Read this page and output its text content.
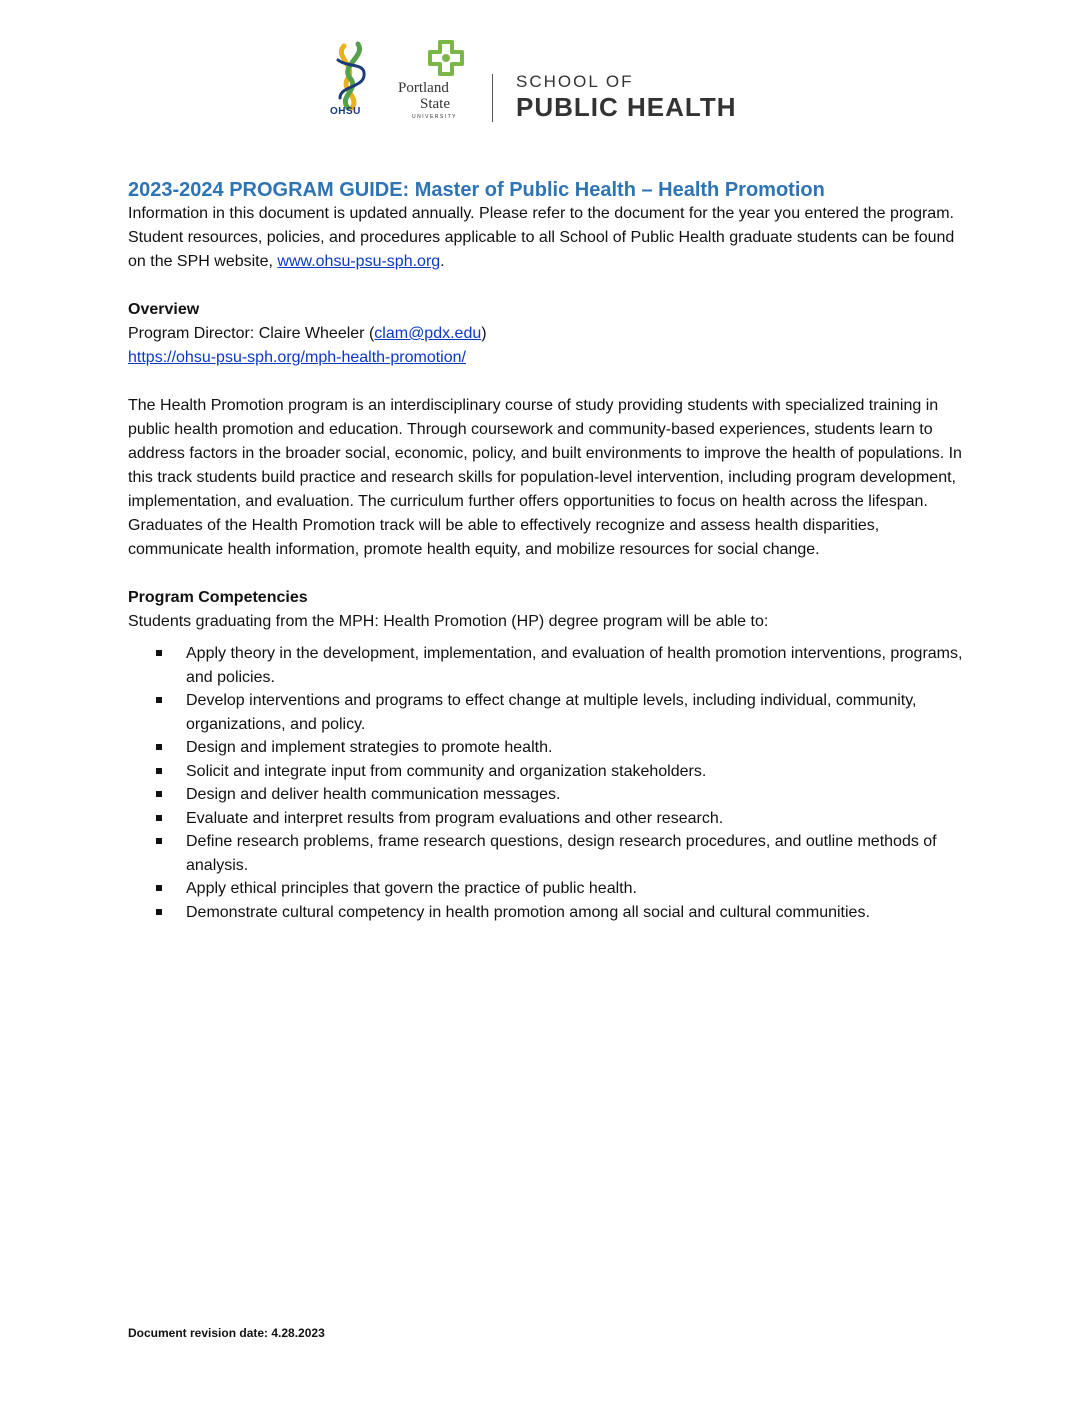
OHSU
Portland
State
UNIVERSITY
SCHOOL OF
PUBLIC HEALTH
2023-2024 PROGRAM GUIDE: Master of Public Health – Health Promotion

Information in this document is updated annually. Please refer to the document for the year you entered the program. Student resources, policies, and procedures applicable to all School of Public Health graduate students can be found on the SPH website, www.ohsu-psu-sph.org.

Overview

Program Director: Claire Wheeler (clam@pdx.edu)

https://ohsu-psu-sph.org/mph-health-promotion/

The Health Promotion program is an interdisciplinary course of study providing students with specialized training in public health promotion and education. Through coursework and community-based experiences, students learn to address factors in the broader social, economic, policy, and built environments to improve the health of populations. In this track students build practice and research skills for population-level intervention, including program development, implementation, and evaluation. The curriculum further offers opportunities to focus on health across the lifespan. Graduates of the Health Promotion track will be able to effectively recognize and assess health disparities, communicate health information, promote health equity, and mobilize resources for social change.

Program Competencies

Students graduating from the MPH: Health Promotion (HP) degree program will be able to:

Apply theory in the development, implementation, and evaluation of health promotion interventions, programs, and policies.
Develop interventions and programs to effect change at multiple levels, including individual, community, organizations, and policy.
Design and implement strategies to promote health.
Solicit and integrate input from community and organization stakeholders.
Design and deliver health communication messages.
Evaluate and interpret results from program evaluations and other research.
Define research problems, frame research questions, design research procedures, and outline methods of analysis.
Apply ethical principles that govern the practice of public health.
Demonstrate cultural competency in health promotion among all social and cultural communities.
Document revision date: 4.28.2023
